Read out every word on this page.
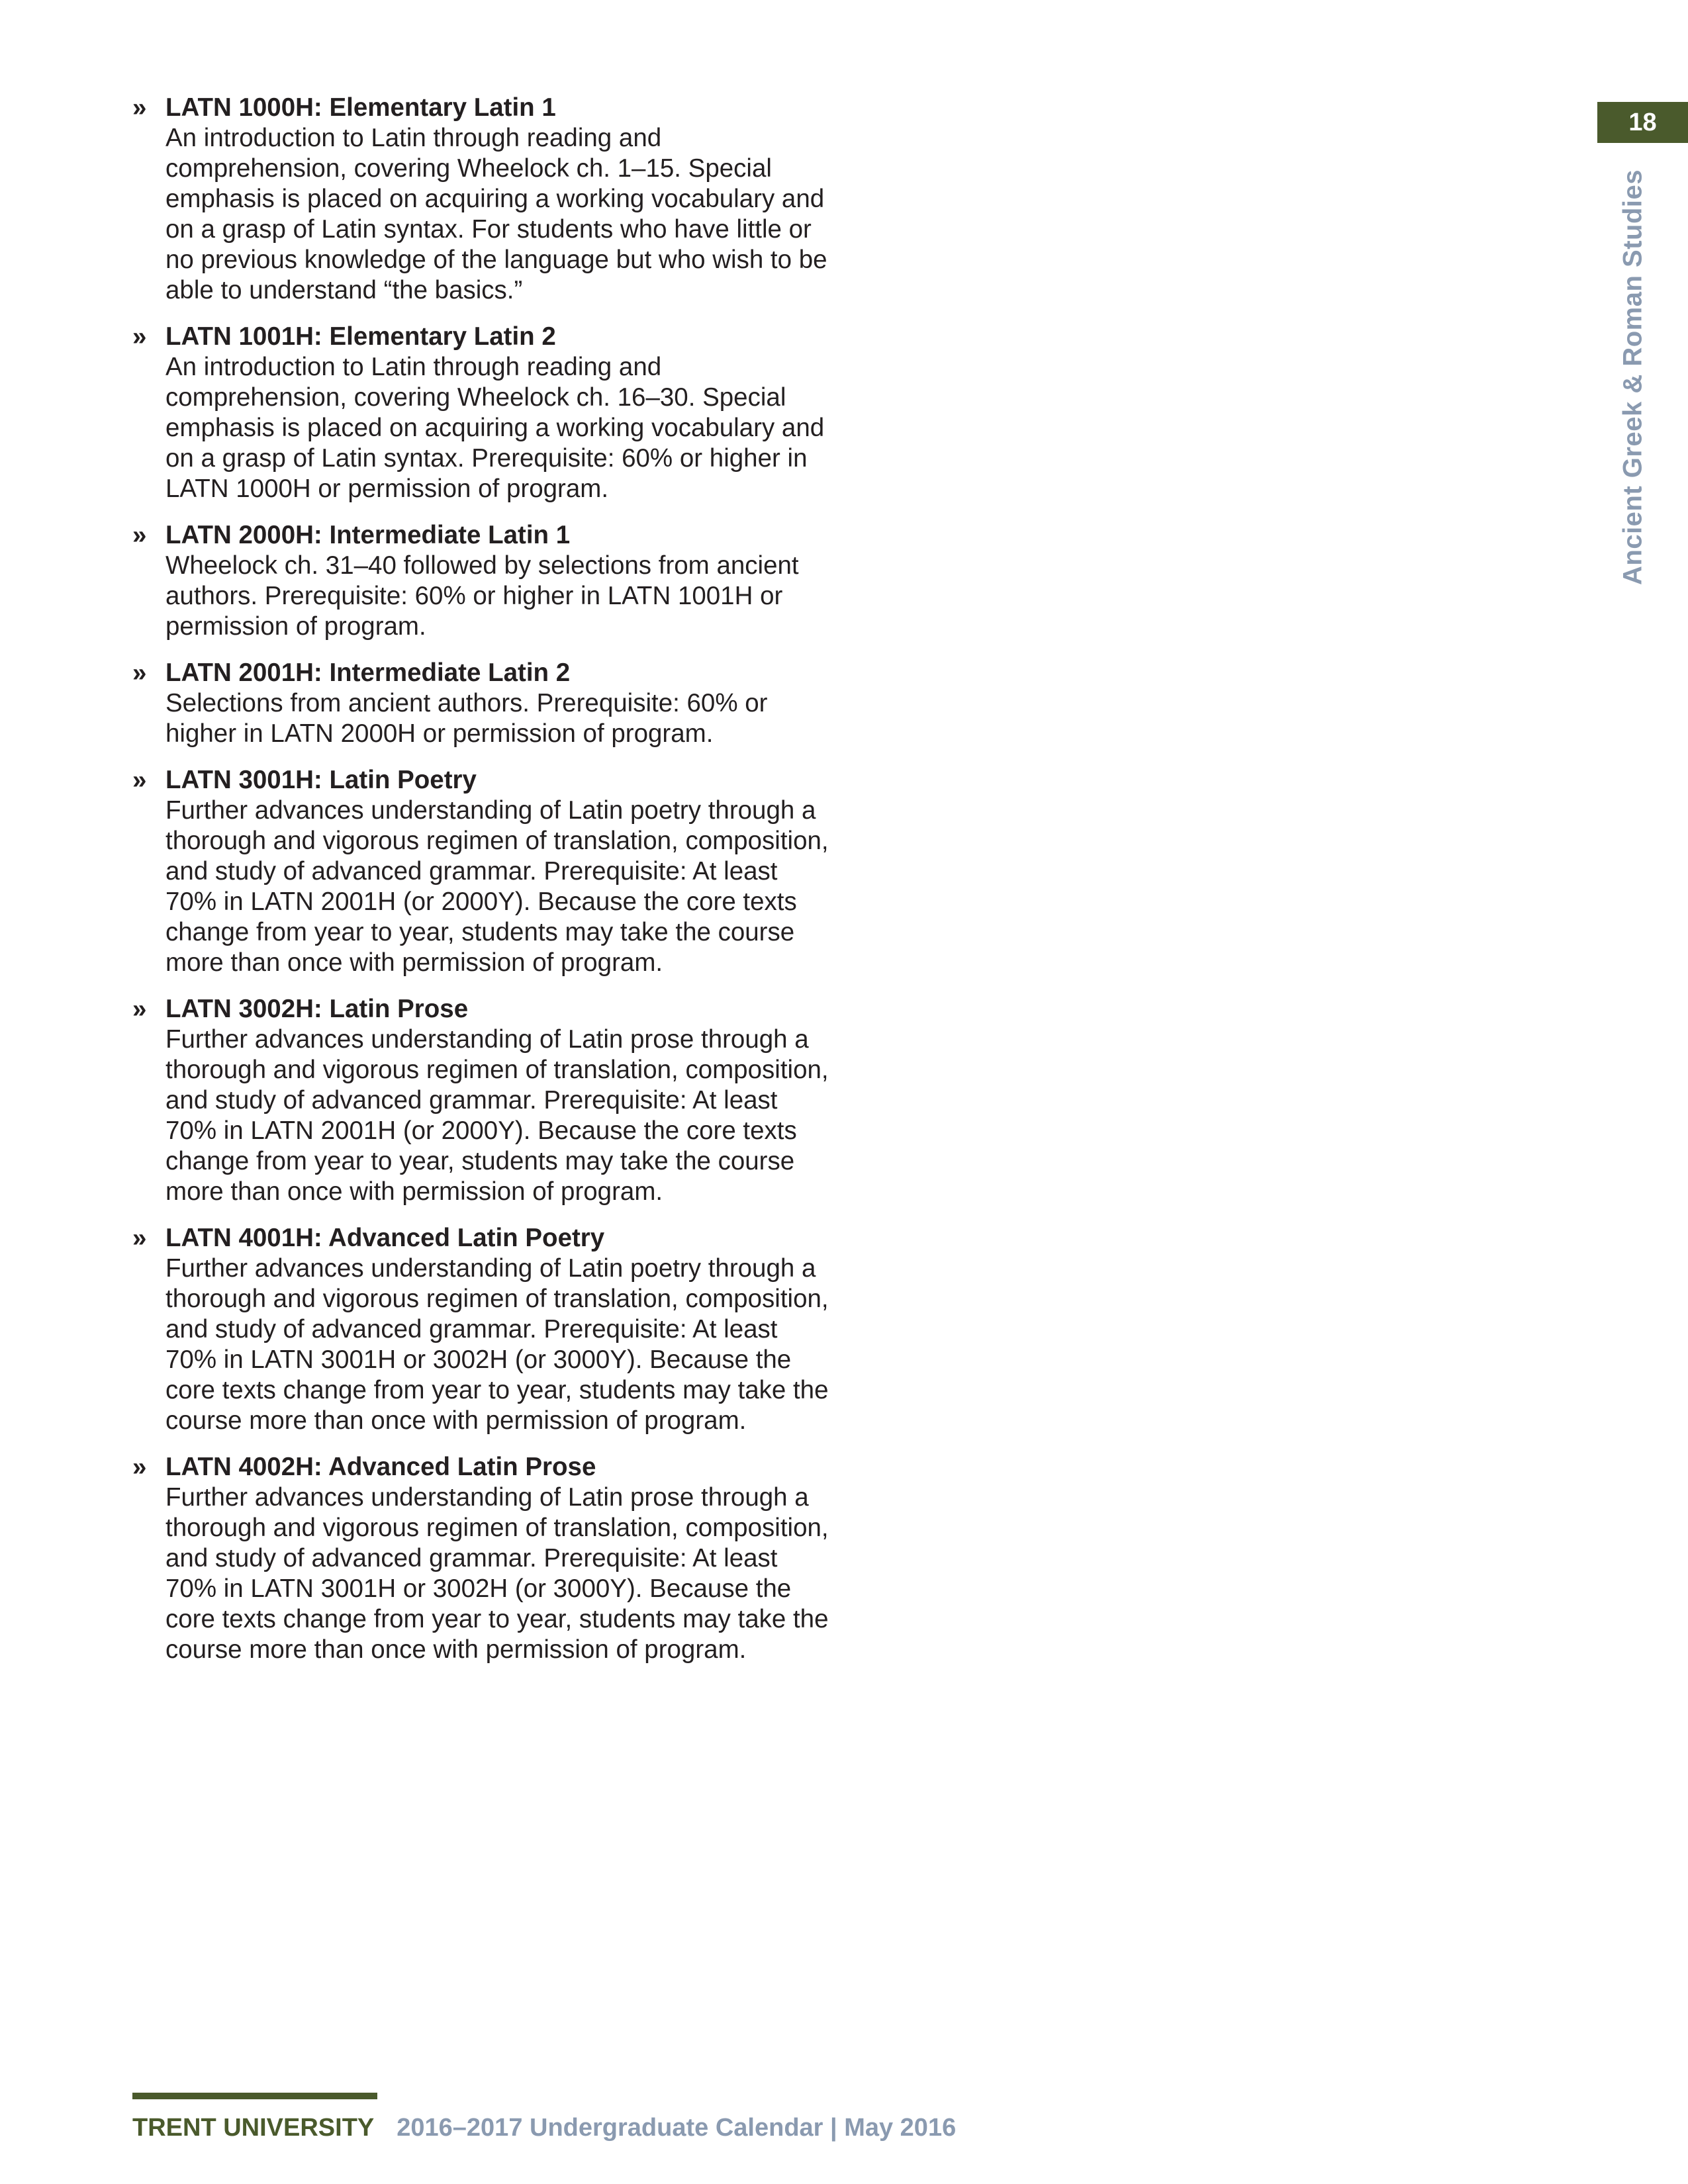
18
Ancient Greek & Roman Studies
» LATN 1000H: Elementary Latin 1
An introduction to Latin through reading and comprehension, covering Wheelock ch. 1–15. Special emphasis is placed on acquiring a working vocabulary and on a grasp of Latin syntax. For students who have little or no previous knowledge of the language but who wish to be able to understand “the basics.”
» LATN 1001H: Elementary Latin 2
An introduction to Latin through reading and comprehension, covering Wheelock ch. 16–30. Special emphasis is placed on acquiring a working vocabulary and on a grasp of Latin syntax. Prerequisite: 60% or higher in LATN 1000H or permission of program.
» LATN 2000H: Intermediate Latin 1
Wheelock ch. 31–40 followed by selections from ancient authors. Prerequisite: 60% or higher in LATN 1001H or permission of program.
» LATN 2001H: Intermediate Latin 2
Selections from ancient authors. Prerequisite: 60% or higher in LATN 2000H or permission of program.
» LATN 3001H: Latin Poetry
Further advances understanding of Latin poetry through a thorough and vigorous regimen of translation, composition, and study of advanced grammar. Prerequisite: At least 70% in LATN 2001H (or 2000Y). Because the core texts change from year to year, students may take the course more than once with permission of program.
» LATN 3002H: Latin Prose
Further advances understanding of Latin prose through a thorough and vigorous regimen of translation, composition, and study of advanced grammar. Prerequisite: At least 70% in LATN 2001H (or 2000Y). Because the core texts change from year to year, students may take the course more than once with permission of program.
» LATN 4001H: Advanced Latin Poetry
Further advances understanding of Latin poetry through a thorough and vigorous regimen of translation, composition, and study of advanced grammar. Prerequisite: At least 70% in LATN 3001H or 3002H (or 3000Y). Because the core texts change from year to year, students may take the course more than once with permission of program.
» LATN 4002H: Advanced Latin Prose
Further advances understanding of Latin prose through a thorough and vigorous regimen of translation, composition, and study of advanced grammar. Prerequisite: At least 70% in LATN 3001H or 3002H (or 3000Y). Because the core texts change from year to year, students may take the course more than once with permission of program.
TRENT UNIVERSITY 2016–2017 Undergraduate Calendar | May 2016
